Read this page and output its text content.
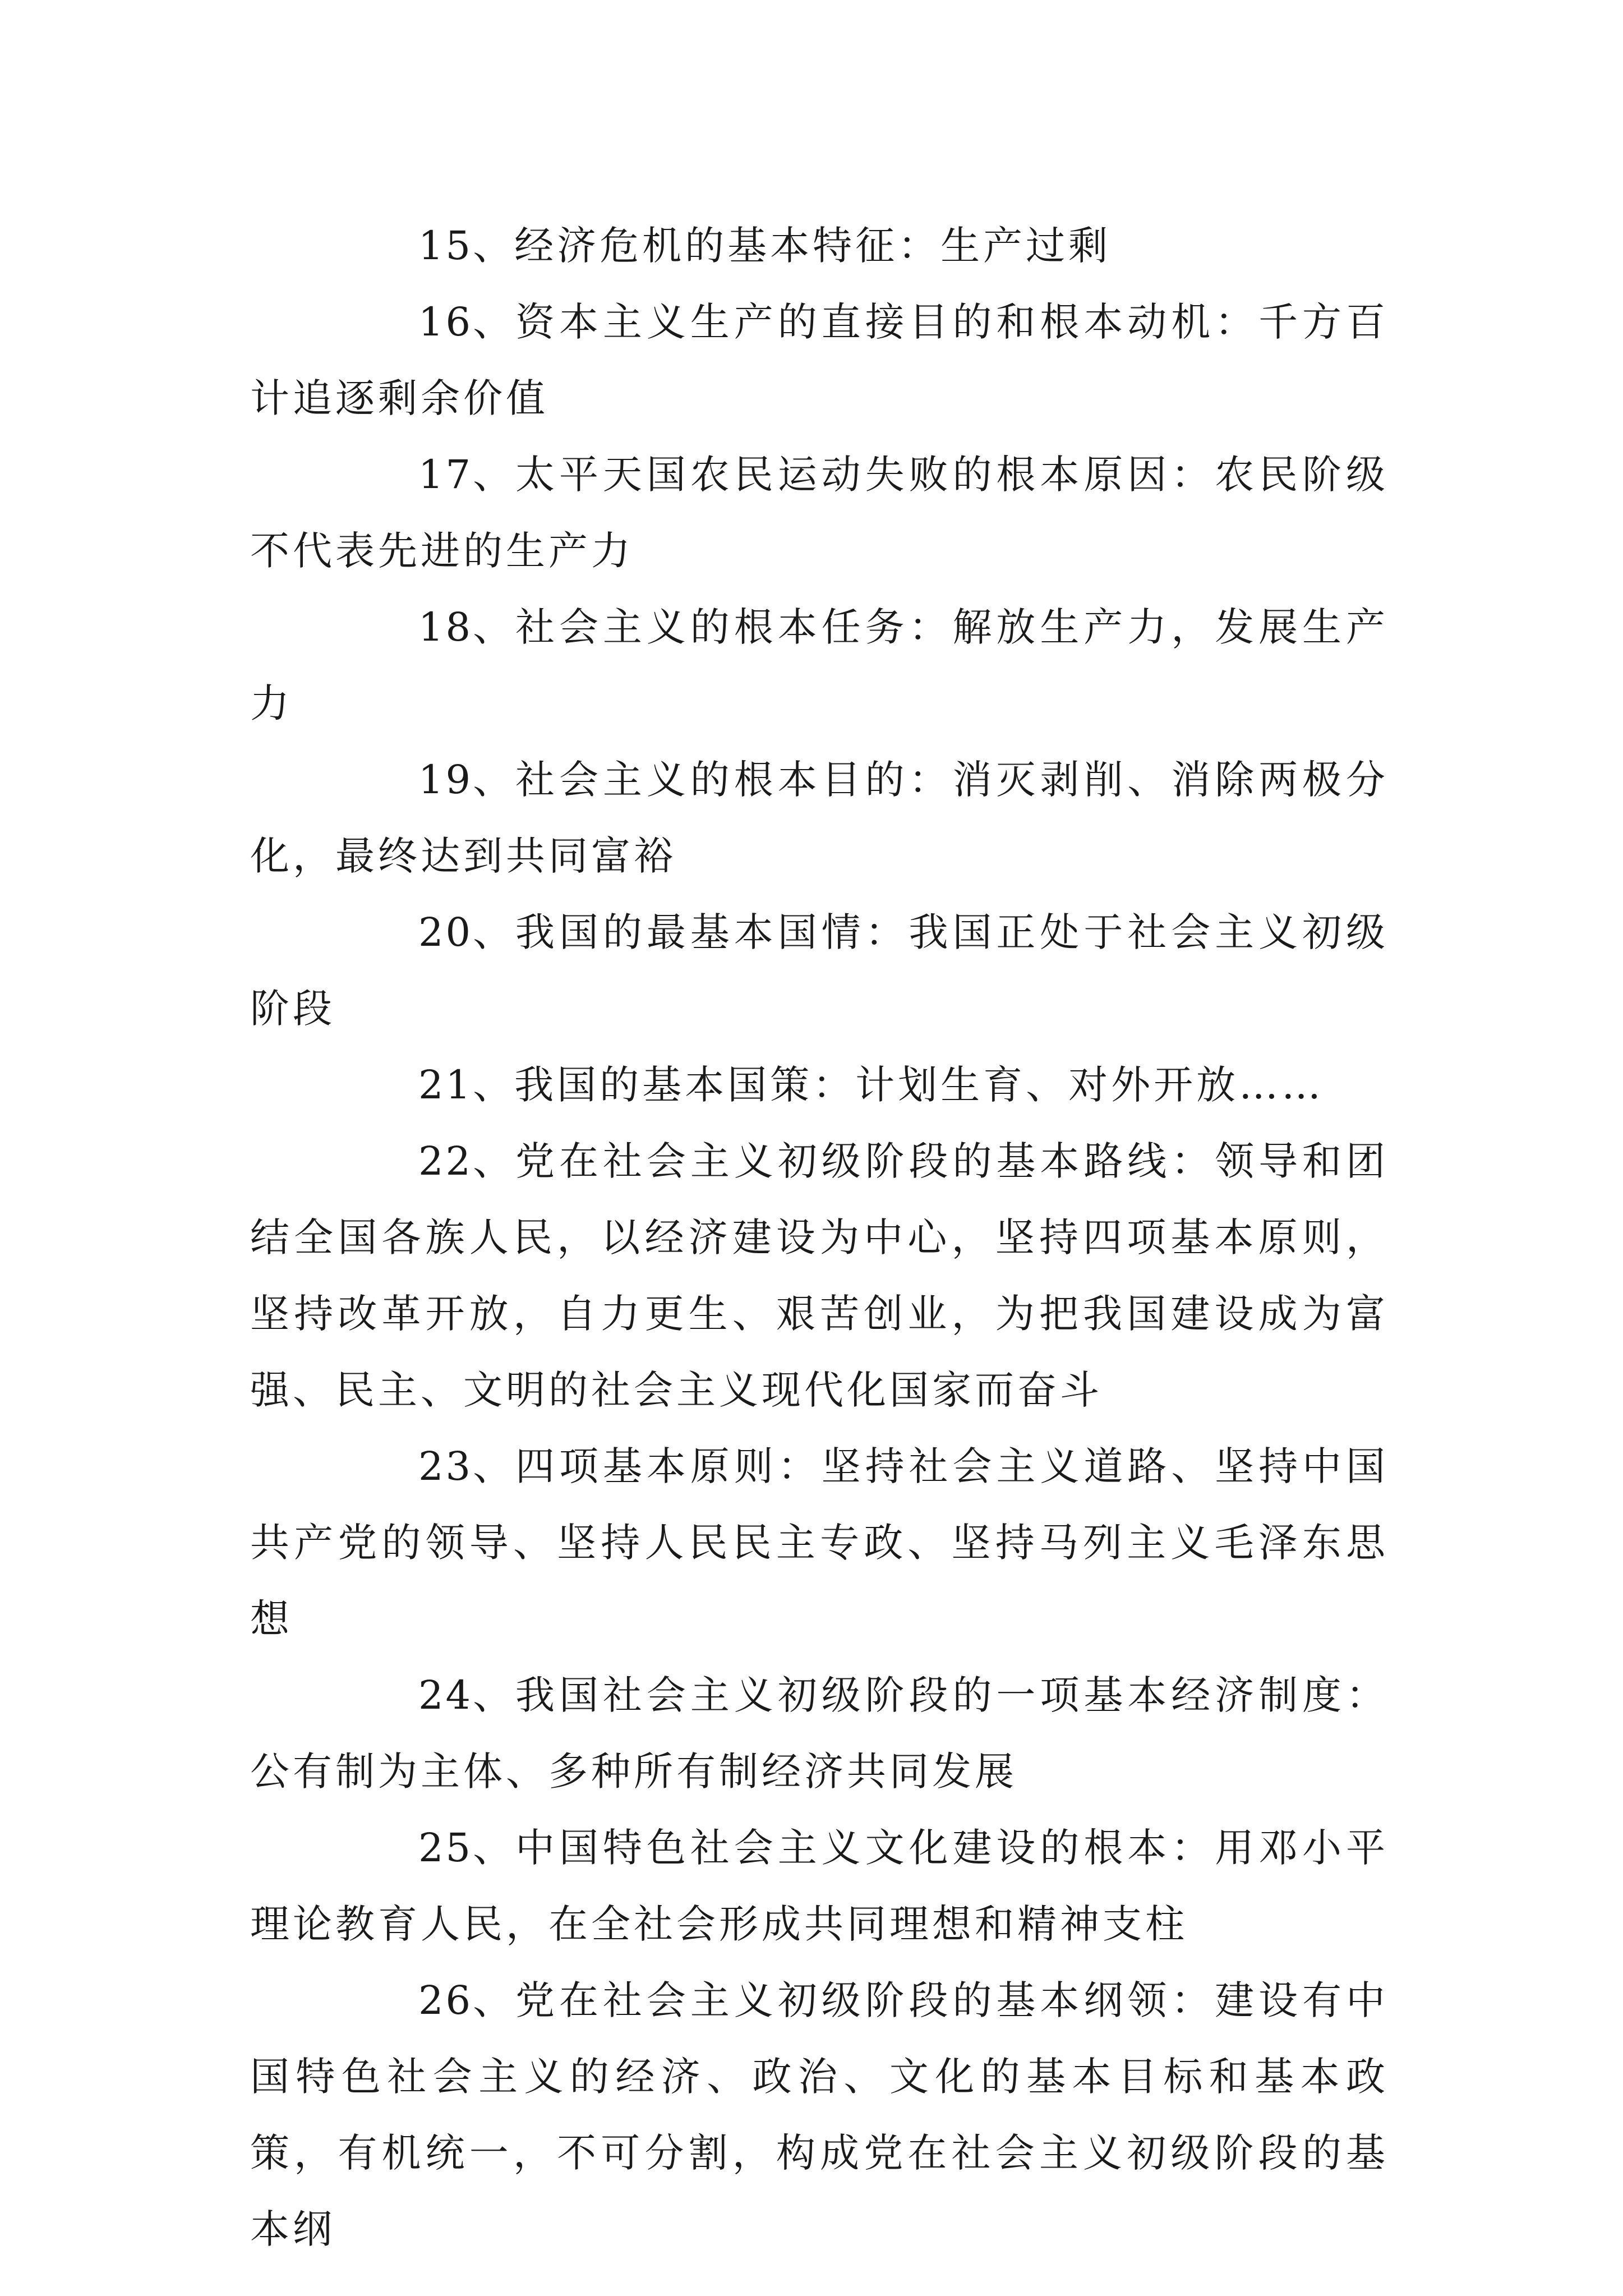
15、经济危机的基本特征：生产过剩

16、资本主义生产的直接目的和根本动机：千方百计追逐剩余价值

17、太平天国农民运动失败的根本原因：农民阶级不代表先进的生产力

18、社会主义的根本任务：解放生产力，发展生产力

19、社会主义的根本目的：消灭剥削、消除两极分化，最终达到共同富裕

20、我国的最基本国情：我国正处于社会主义初级阶段

21、我国的基本国策：计划生育、对外开放……

22、党在社会主义初级阶段的基本路线：领导和团结全国各族人民，以经济建设为中心，坚持四项基本原则，坚持改革开放，自力更生、艰苦创业，为把我国建设成为富强、民主、文明的社会主义现代化国家而奋斗

23、四项基本原则：坚持社会主义道路、坚持中国共产党的领导、坚持人民民主专政、坚持马列主义毛泽东思想

24、我国社会主义初级阶段的一项基本经济制度：公有制为主体、多种所有制经济共同发展

25、中国特色社会主义文化建设的根本：用邓小平理论教育人民，在全社会形成共同理想和精神支柱

26、党在社会主义初级阶段的基本纲领：建设有中国特色社会主义的经济、政治、文化的基本目标和基本政策，有机统一，不可分割，构成党在社会主义初级阶段的基本纲
